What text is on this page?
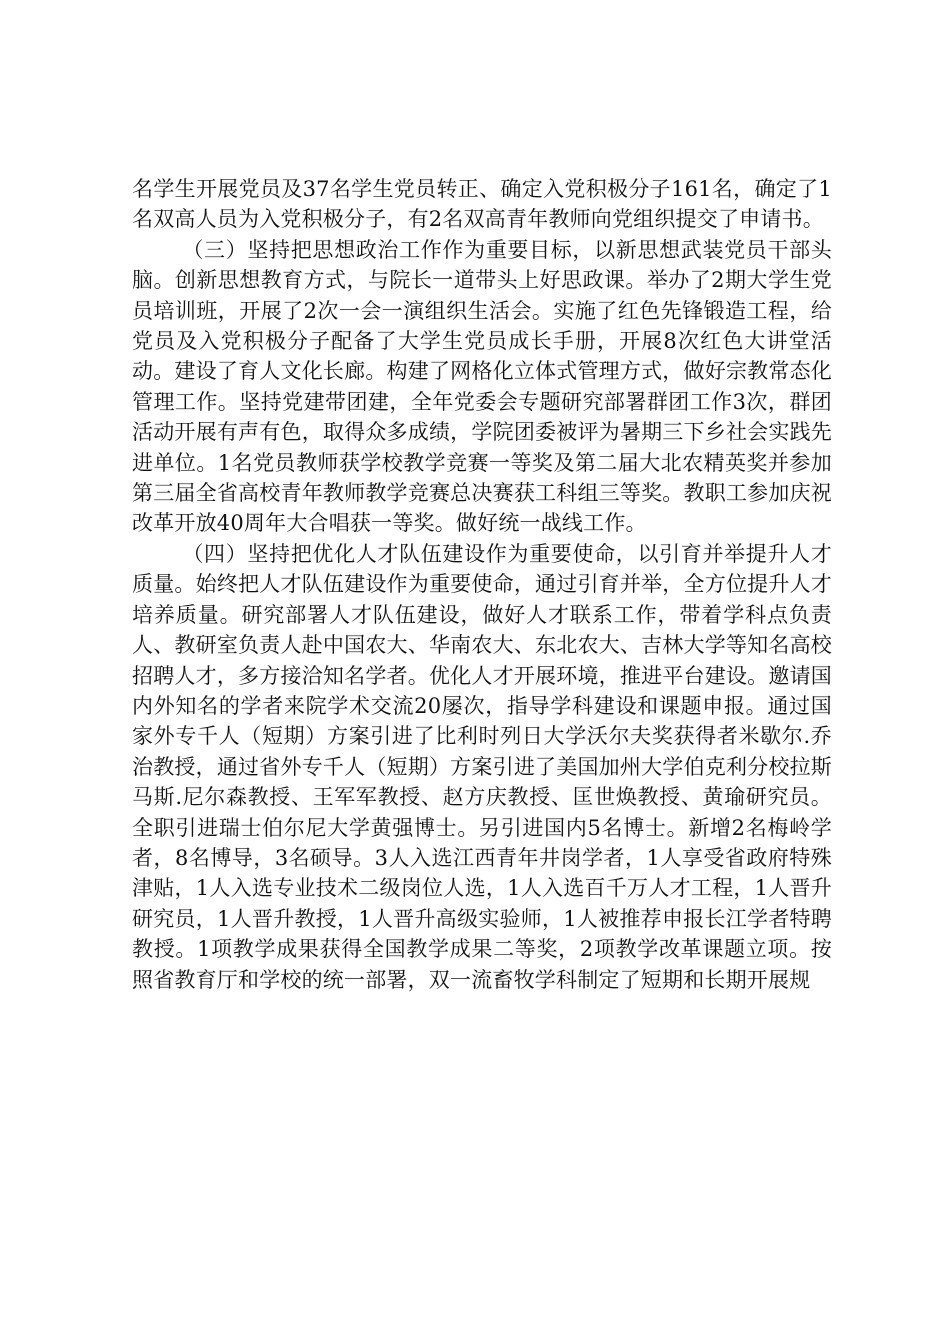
名学生开展党员及37名学生党员转正、确定入党积极分子161名，确定了1名双高人员为入党积极分子，有2名双高青年教师向党组织提交了申请书。

（三）坚持把思想政治工作作为重要目标，以新思想武装党员干部头脑。创新思想教育方式，与院长一道带头上好思政课。举办了2期大学生党员培训班，开展了2次一会一演组织生活会。实施了红色先锋锻造工程，给党员及入党积极分子配备了大学生党员成长手册，开展8次红色大讲堂活动。建设了育人文化长廊。构建了网格化立体式管理方式，做好宗教常态化管理工作。坚持党建带团建，全年党委会专题研究部署群团工作3次，群团活动开展有声有色，取得众多成绩，学院团委被评为暑期三下乡社会实践先进单位。1名党员教师获学校教学竞赛一等奖及第二届大北农精英奖并参加第三届全省高校青年教师教学竞赛总决赛获工科组三等奖。教职工参加庆祝改革开放40周年大合唱获一等奖。做好统一战线工作。

（四）坚持把优化人才队伍建设作为重要使命，以引育并举提升人才质量。始终把人才队伍建设作为重要使命，通过引育并举，全方位提升人才培养质量。研究部署人才队伍建设，做好人才联系工作，带着学科点负责人、教研室负责人赴中国农大、华南农大、东北农大、吉林大学等知名高校招聘人才，多方接洽知名学者。优化人才开展环境，推进平台建设。邀请国内外知名的学者来院学术交流20屡次，指导学科建设和课题申报。通过国家外专千人（短期）方案引进了比利时列日大学沃尔夫奖获得者米歇尔.乔治教授，通过省外专千人（短期）方案引进了美国加州大学伯克利分校拉斯马斯.尼尔森教授、王军军教授、赵方庆教授、匡世焕教授、黄瑜研究员。全职引进瑞士伯尔尼大学黄强博士。另引进国内5名博士。新增2名梅岭学者，8名博导，3名硕导。3人入选江西青年井岗学者，1人享受省政府特殊津贴，1人入选专业技术二级岗位人选，1人入选百千万人才工程，1人晋升研究员，1人晋升教授，1人晋升高级实验师，1人被推荐申报长江学者特聘教授。1项教学成果获得全国教学成果二等奖，2项教学改革课题立项。按照省教育厅和学校的统一部署，双一流畜牧学科制定了短期和长期开展规
